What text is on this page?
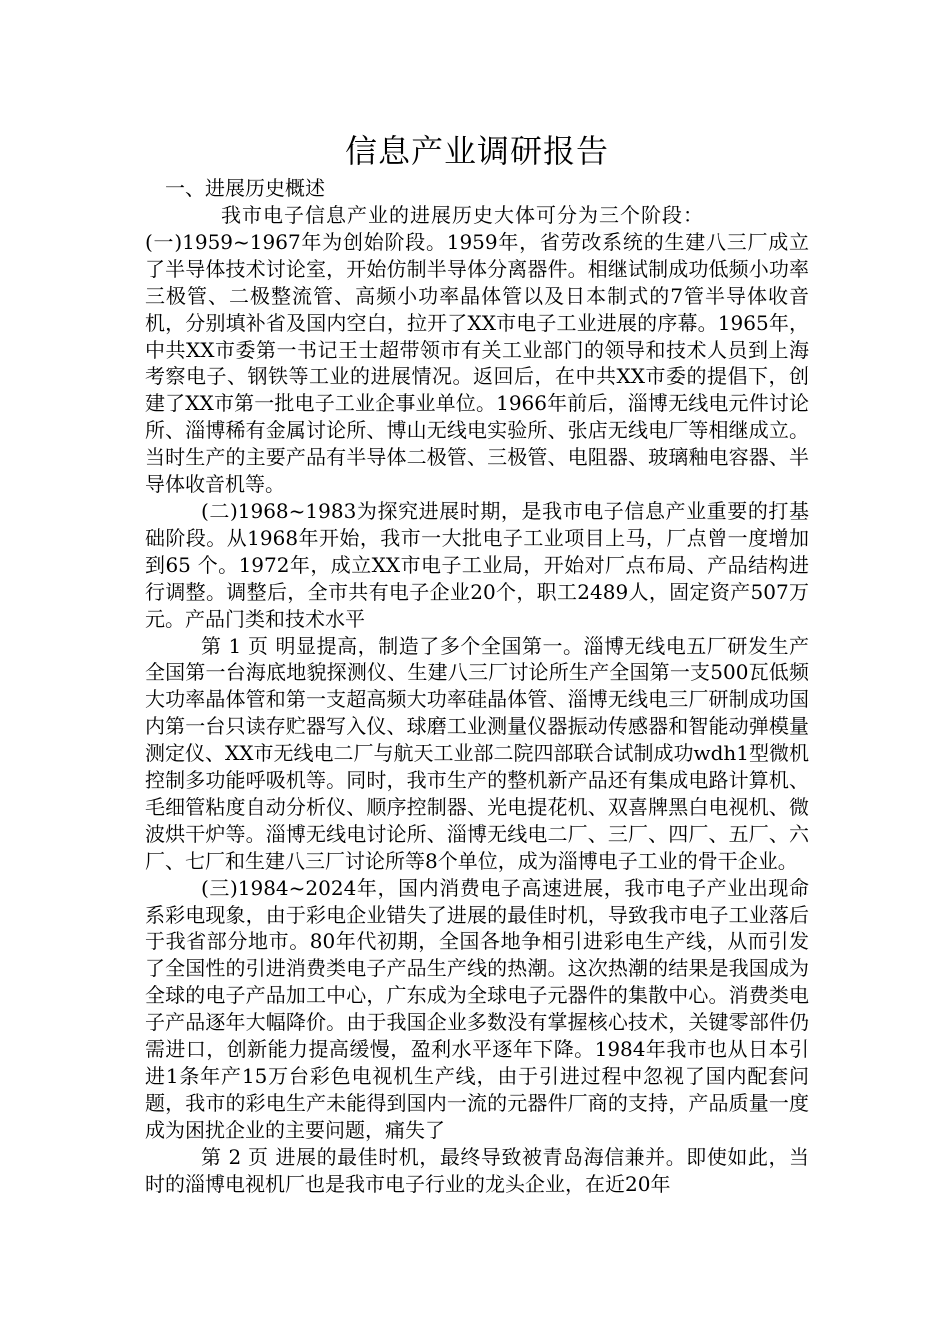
信息产业调研报告

一、进展历史概述

我市电子信息产业的进展历史大体可分为三个阶段：

(一)1959~1967年为创始阶段。1959年，省劳改系统的生建八三厂成立了半导体技术讨论室，开始仿制半导体分离器件。相继试制成功低频小功率三极管、二极整流管、高频小功率晶体管以及日本制式的7管半导体收音机，分别填补省及国内空白，拉开了XX市电子工业进展的序幕。1965年，中共XX市委第一书记王士超带领市有关工业部门的领导和技术人员到上海考察电子、钢铁等工业的进展情况。返回后，在中共XX市委的提倡下，创建了XX市第一批电子工业企事业单位。1966年前后，淄博无线电元件讨论所、淄博稀有金属讨论所、博山无线电实验所、张店无线电厂等相继成立。当时生产的主要产品有半导体二极管、三极管、电阻器、玻璃釉电容器、半导体收音机等。

(二)1968~1983为探究进展时期，是我市电子信息产业重要的打基础阶段。从1968年开始，我市一大批电子工业项目上马，厂点曾一度增加到65 个。1972年，成立XX市电子工业局，开始对厂点布局、产品结构进行调整。调整后，全市共有电子企业20个，职工2489人，固定资产507万元。产品门类和技术水平

第 1 页 明显提高，制造了多个全国第一。淄博无线电五厂研发生产全国第一台海底地貌探测仪、生建八三厂讨论所生产全国第一支500瓦低频大功率晶体管和第一支超高频大功率硅晶体管、淄博无线电三厂研制成功国内第一台只读存贮器写入仪、球磨工业测量仪器振动传感器和智能动弹模量测定仪、XX市无线电二厂与航天工业部二院四部联合试制成功wdh1型微机控制多功能呼吸机等。同时，我市生产的整机新产品还有集成电路计算机、毛细管粘度自动分析仪、顺序控制器、光电提花机、双喜牌黑白电视机、微波烘干炉等。淄博无线电讨论所、淄博无线电二厂、三厂、四厂、五厂、六厂、七厂和生建八三厂讨论所等8个单位，成为淄博电子工业的骨干企业。

(三)1984~2024年，国内消费电子高速进展，我市电子产业出现命系彩电现象，由于彩电企业错失了进展的最佳时机，导致我市电子工业落后于我省部分地市。80年代初期，全国各地争相引进彩电生产线，从而引发了全国性的引进消费类电子产品生产线的热潮。这次热潮的结果是我国成为全球的电子产品加工中心，广东成为全球电子元器件的集散中心。消费类电子产品逐年大幅降价。由于我国企业多数没有掌握核心技术，关键零部件仍需进口，创新能力提高缓慢，盈利水平逐年下降。1984年我市也从日本引进1条年产15万台彩色电视机生产线，由于引进过程中忽视了国内配套问题，我市的彩电生产未能得到国内一流的元器件厂商的支持，产品质量一度成为困扰企业的主要问题，痛失了

第 2 页 进展的最佳时机，最终导致被青岛海信兼并。即使如此，当时的淄博电视机厂也是我市电子行业的龙头企业，在近20年
